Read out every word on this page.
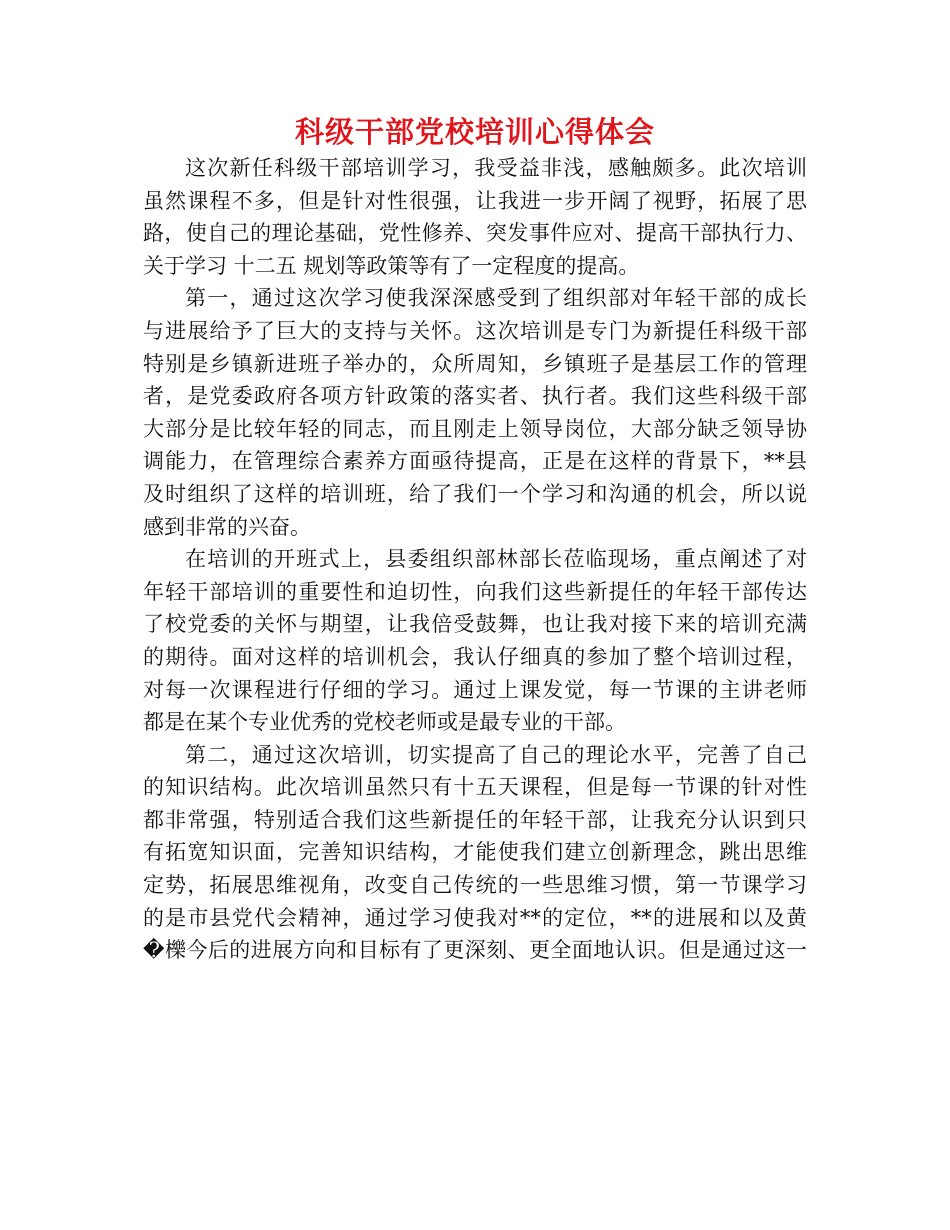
科级干部党校培训心得体会
这次新任科级干部培训学习，我受益非浅，感触颇多。此次培训
虽然课程不多，但是针对性很强，让我进一步开阔了视野，拓展了思
路，使自己的理论基础，党性修养、突发事件应对、提高干部执行力、
关于学习 十二五 规划等政策等有了一定程度的提高。
第一，通过这次学习使我深深感受到了组织部对年轻干部的成长
与进展给予了巨大的支持与关怀。这次培训是专门为新提任科级干部
特别是乡镇新进班子举办的，众所周知，乡镇班子是基层工作的管理
者，是党委政府各项方针政策的落实者、执行者。我们这些科级干部
大部分是比较年轻的同志，而且刚走上领导岗位，大部分缺乏领导协
调能力，在管理综合素养方面亟待提高，正是在这样的背景下，**县
及时组织了这样的培训班，给了我们一个学习和沟通的机会，所以说
感到非常的兴奋。
在培训的开班式上，县委组织部林部长莅临现场，重点阐述了对
年轻干部培训的重要性和迫切性，向我们这些新提任的年轻干部传达
了校党委的关怀与期望，让我倍受鼓舞，也让我对接下来的培训充满
的期待。面对这样的培训机会，我认仔细真的参加了整个培训过程，
对每一次课程进行仔细的学习。通过上课发觉，每一节课的主讲老师
都是在某个专业优秀的党校老师或是最专业的干部。
第二，通过这次培训，切实提高了自己的理论水平，完善了自己
的知识结构。此次培训虽然只有十五天课程，但是每一节课的针对性
都非常强，特别适合我们这些新提任的年轻干部，让我充分认识到只
有拓宽知识面，完善知识结构，才能使我们建立创新理念，跳出思维
定势，拓展思维视角，改变自己传统的一些思维习惯，第一节课学习
的是市县党代会精神，通过学习使我对**的定位，**的进展和以及黄
�櫟今后的进展方向和目标有了更深刻、更全面地认识。但是通过这一
